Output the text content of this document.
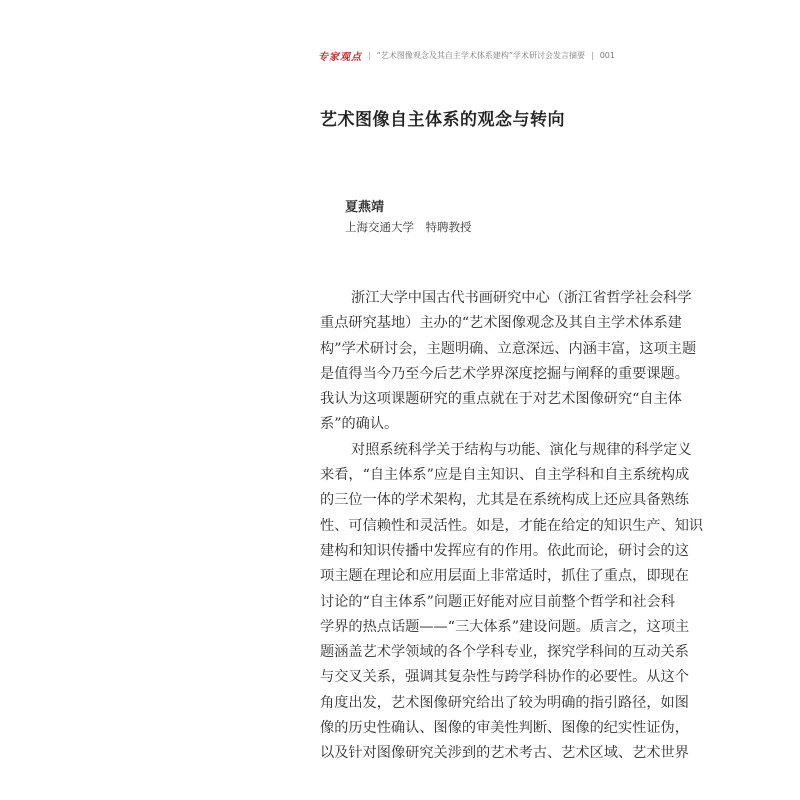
专家观点 | “艺术图像观念及其自主学术体系建构”学术研讨会发言摘要 | 001
艺术图像自主体系的观念与转向
夏燕靖
上海交通大学　特聘教授
浙江大学中国古代书画研究中心（浙江省哲学社会科学
重点研究基地）主办的“艺术图像观念及其自主学术体系建
构”学术研讨会，主题明确、立意深远、内涵丰富，这项主题
是值得当今乃至今后艺术学界深度挖掘与阐释的重要课题。
我认为这项课题研究的重点就在于对艺术图像研究“自主体
系”的确认。
对照系统科学关于结构与功能、演化与规律的科学定义
来看，“自主体系”应是自主知识、自主学科和自主系统构成
的三位一体的学术架构，尤其是在系统构成上还应具备熟练
性、可信赖性和灵活性。如是，才能在给定的知识生产、知识
建构和知识传播中发挥应有的作用。依此而论，研讨会的这
项主题在理论和应用层面上非常适时，抓住了重点，即现在
讨论的“自主体系”问题正好能对应目前整个哲学和社会科
学界的热点话题——“三大体系”建设问题。质言之，这项主
题涵盖艺术学领域的各个学科专业，探究学科间的互动关系
与交叉关系，强调其复杂性与跨学科协作的必要性。从这个
角度出发，艺术图像研究给出了较为明确的指引路径，如图
像的历史性确认、图像的审美性判断、图像的纪实性证伪，
以及针对图像研究关涉到的艺术考古、艺术区域、艺术世界
